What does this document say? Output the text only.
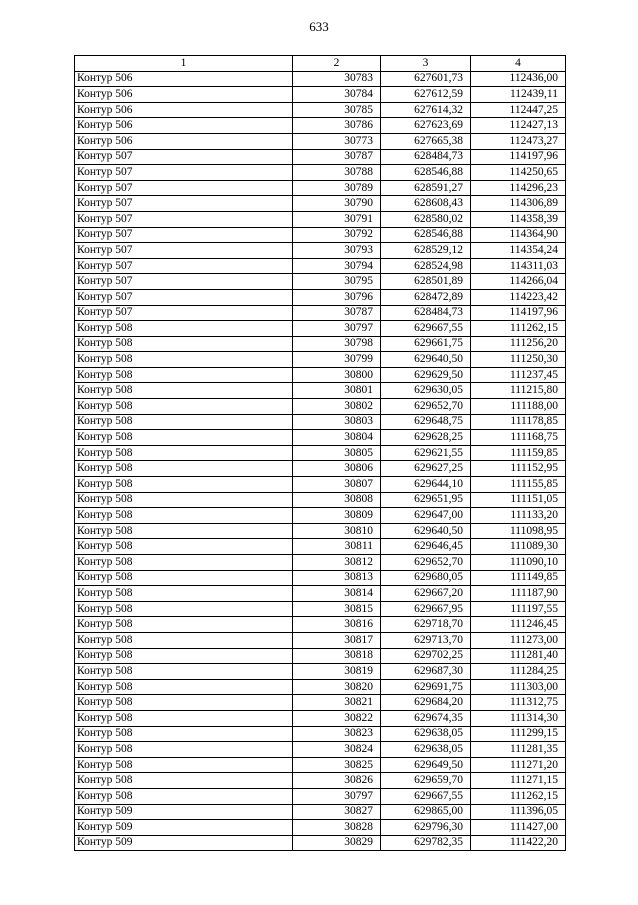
633
1	2	3	4
Контур 506	30783	627601,73	112436,00
Контур 506	30784	627612,59	112439,11
Контур 506	30785	627614,32	112447,25
Контур 506	30786	627623,69	112427,13
Контур 506	30773	627665,38	112473,27
Контур 507	30787	628484,73	114197,96
Контур 507	30788	628546,88	114250,65
Контур 507	30789	628591,27	114296,23
Контур 507	30790	628608,43	114306,89
Контур 507	30791	628580,02	114358,39
Контур 507	30792	628546,88	114364,90
Контур 507	30793	628529,12	114354,24
Контур 507	30794	628524,98	114311,03
Контур 507	30795	628501,89	114266,04
Контур 507	30796	628472,89	114223,42
Контур 507	30787	628484,73	114197,96
Контур 508	30797	629667,55	111262,15
Контур 508	30798	629661,75	111256,20
Контур 508	30799	629640,50	111250,30
Контур 508	30800	629629,50	111237,45
Контур 508	30801	629630,05	111215,80
Контур 508	30802	629652,70	111188,00
Контур 508	30803	629648,75	111178,85
Контур 508	30804	629628,25	111168,75
Контур 508	30805	629621,55	111159,85
Контур 508	30806	629627,25	111152,95
Контур 508	30807	629644,10	111155,85
Контур 508	30808	629651,95	111151,05
Контур 508	30809	629647,00	111133,20
Контур 508	30810	629640,50	111098,95
Контур 508	30811	629646,45	111089,30
Контур 508	30812	629652,70	111090,10
Контур 508	30813	629680,05	111149,85
Контур 508	30814	629667,20	111187,90
Контур 508	30815	629667,95	111197,55
Контур 508	30816	629718,70	111246,45
Контур 508	30817	629713,70	111273,00
Контур 508	30818	629702,25	111281,40
Контур 508	30819	629687,30	111284,25
Контур 508	30820	629691,75	111303,00
Контур 508	30821	629684,20	111312,75
Контур 508	30822	629674,35	111314,30
Контур 508	30823	629638,05	111299,15
Контур 508	30824	629638,05	111281,35
Контур 508	30825	629649,50	111271,20
Контур 508	30826	629659,70	111271,15
Контур 508	30797	629667,55	111262,15
Контур 509	30827	629865,00	111396,05
Контур 509	30828	629796,30	111427,00
Контур 509	30829	629782,35	111422,20
